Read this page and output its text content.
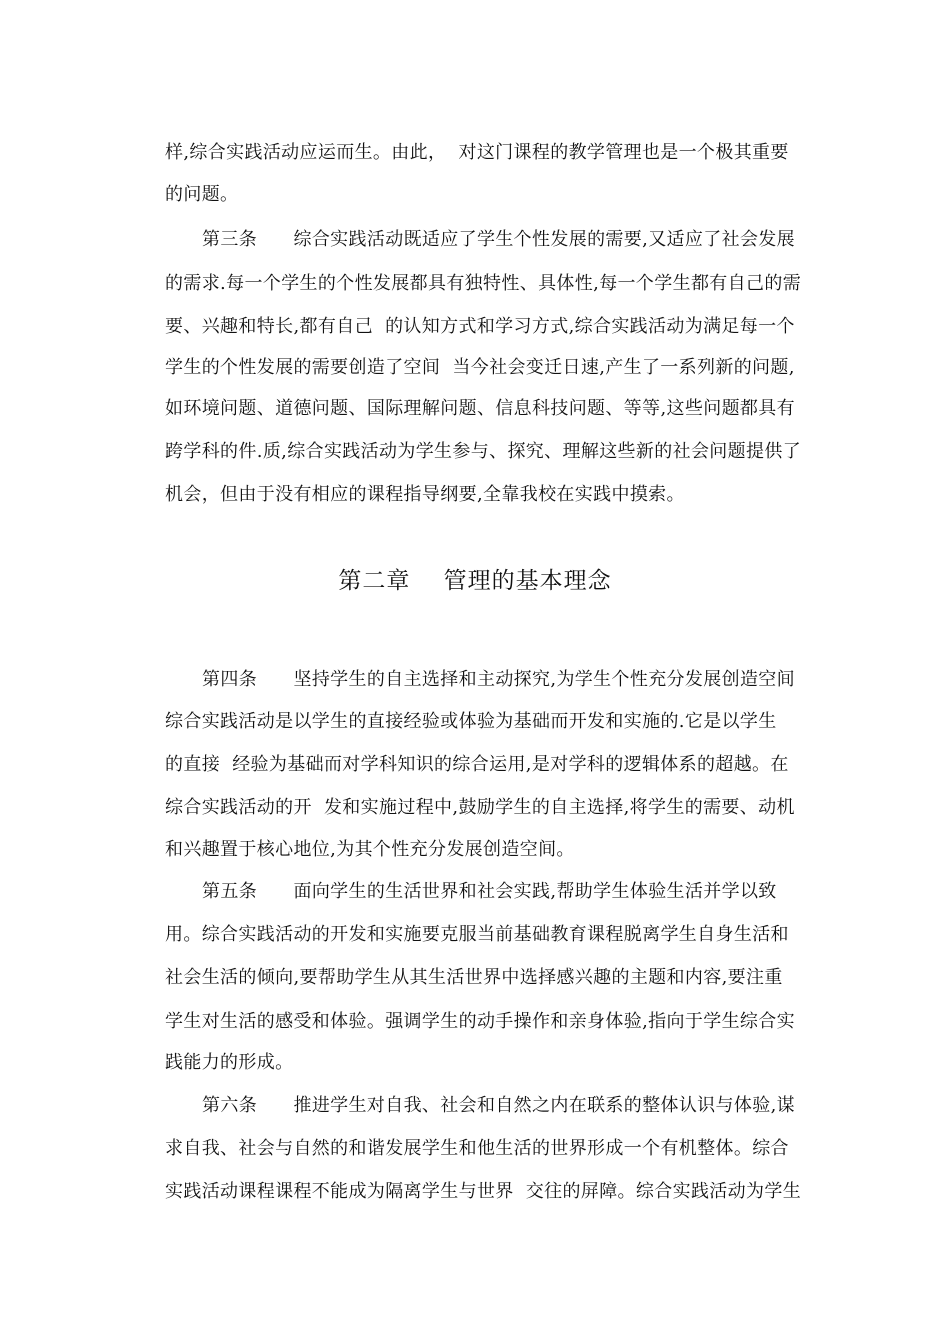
样,综合实践活动应运而生。由此，  对这门课程的教学管理也是一个极其重要
的问题。
第三条      综合实践活动既适应了学生个性发展的需要,又适应了社会发展
的需求.每一个学生的个性发展都具有独特性、具体性,每一个学生都有自己的需
要、兴趣和特长,都有自己  的认知方式和学习方式,综合实践活动为满足每一个
学生的个性发展的需要创造了空间  当今社会变迁日速,产生了一系列新的问题,
如环境问题、道德问题、国际理解问题、信息科技问题、等等,这些问题都具有
跨学科的件.质,综合实践活动为学生参与、探究、理解这些新的社会问题提供了
机会，但由于没有相应的课程指导纲要,全靠我校在实践中摸索。
第二章    管理的基本理念
第四条      坚持学生的自主选择和主动探究,为学生个性充分发展创造空间
综合实践活动是以学生的直接经验或体验为基础而开发和实施的.它是以学生
的直接  经验为基础而对学科知识的综合运用,是对学科的逻辑体系的超越。在
综合实践活动的开  发和实施过程中,鼓励学生的自主选择,将学生的需要、动机
和兴趣置于核心地位,为其个性充分发展创造空间。
第五条      面向学生的生活世界和社会实践,帮助学生体验生活并学以致
用。综合实践活动的开发和实施要克服当前基础教育课程脱离学生自身生活和
社会生活的倾向,要帮助学生从其生活世界中选择感兴趣的主题和内容,要注重
学生对生活的感受和体验。强调学生的动手操作和亲身体验,指向于学生综合实
践能力的形成。
第六条      推进学生对自我、社会和自然之内在联系的整体认识与体验,谋
求自我、社会与自然的和谐发展学生和他生活的世界形成一个有机整体。综合
实践活动课程课程不能成为隔离学生与世界  交往的屏障。综合实践活动为学生
